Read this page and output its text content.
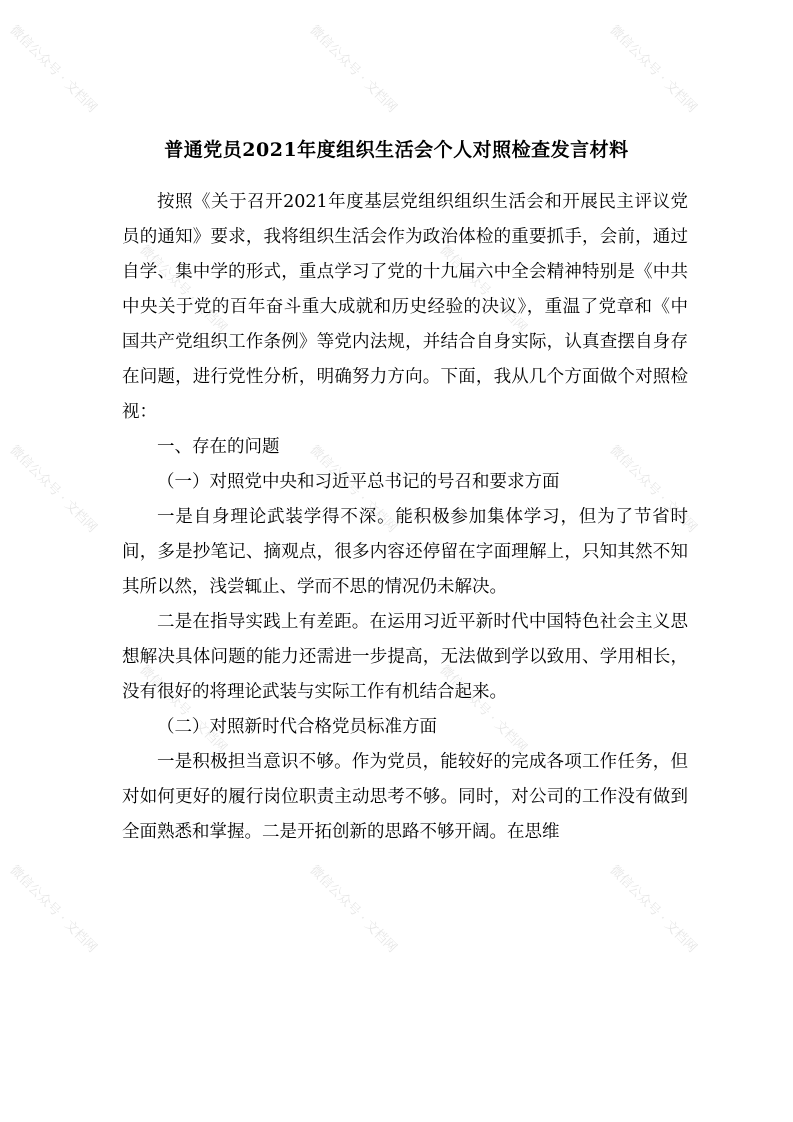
微信公众号 · 文档网	微信公众号 · 文档网	微信公众号 · 文档网
微信公众号 · 文档网	微信公众号 · 文档网
微信公众号 · 文档网	微信公众号 · 文档网	微信公众号 · 文档网
微信公众号 · 文档网	微信公众号 · 文档网
微信公众号 · 文档网	微信公众号 · 文档网	微信公众号 · 文档网
普通党员2021年度组织生活会个人对照检查发言材料

按照《关于召开2021年度基层党组织组织生活会和开展民主评议党员的通知》要求，我将组织生活会作为政治体检的重要抓手，会前，通过自学、集中学的形式，重点学习了党的十九届六中全会精神特别是《中共中央关于党的百年奋斗重大成就和历史经验的决议》，重温了党章和《中国共产党组织工作条例》等党内法规，并结合自身实际，认真查摆自身存在问题，进行党性分析，明确努力方向。下面，我从几个方面做个对照检视：

一、存在的问题

（一）对照党中央和习近平总书记的号召和要求方面

一是自身理论武装学得不深。能积极参加集体学习，但为了节省时间，多是抄笔记、摘观点，很多内容还停留在字面理解上，只知其然不知其所以然，浅尝辄止、学而不思的情况仍未解决。

二是在指导实践上有差距。在运用习近平新时代中国特色社会主义思想解决具体问题的能力还需进一步提高，无法做到学以致用、学用相长，没有很好的将理论武装与实际工作有机结合起来。

（二）对照新时代合格党员标准方面

一是积极担当意识不够。作为党员，能较好的完成各项工作任务，但对如何更好的履行岗位职责主动思考不够。同时，对公司的工作没有做到全面熟悉和掌握。二是开拓创新的思路不够开阔。在思维
